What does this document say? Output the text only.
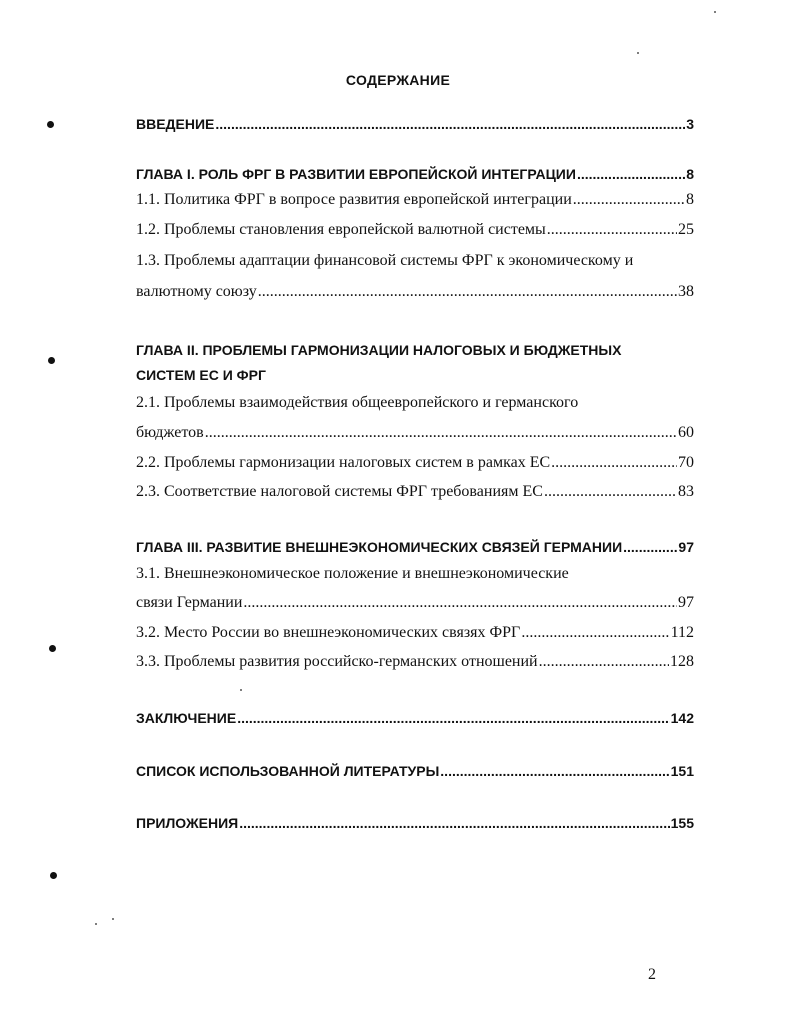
СОДЕРЖАНИЕ
ВВЕДЕНИЕ .....	3
ГЛАВА I. РОЛЬ ФРГ В РАЗВИТИИ ЕВРОПЕЙСКОЙ ИНТЕГРАЦИИ .....	8
1.1. Политика ФРГ в вопросе развития европейской интеграции .....	8
1.2. Проблемы становления европейской валютной системы .....	25
1.3. Проблемы адаптации финансовой системы ФРГ к экономическому и
валютному союзу .....	38
ГЛАВА II. ПРОБЛЕМЫ ГАРМОНИЗАЦИИ НАЛОГОВЫХ И БЮДЖЕТНЫХ
СИСТЕМ ЕС И ФРГ
2.1. Проблемы взаимодействия общеевропейского и германского
бюджетов .....	60
2.2. Проблемы гармонизации налоговых систем в рамках ЕС .....	70
2.3. Соответствие налоговой системы ФРГ требованиям ЕС .....	83
ГЛАВА III. РАЗВИТИЕ ВНЕШНЕЭКОНОМИЧЕСКИХ СВЯЗЕЙ ГЕРМАНИИ .....	97
3.1. Внешнеэкономическое положение и внешнеэкономические
связи Германии .....	97
3.2. Место России во внешнеэкономических связях ФРГ .....	112
3.3. Проблемы развития российско-германских отношений .....	128
ЗАКЛЮЧЕНИЕ .....	142
СПИСОК ИСПОЛЬЗОВАННОЙ ЛИТЕРАТУРЫ .....	151
ПРИЛОЖЕНИЯ .....	155
2
